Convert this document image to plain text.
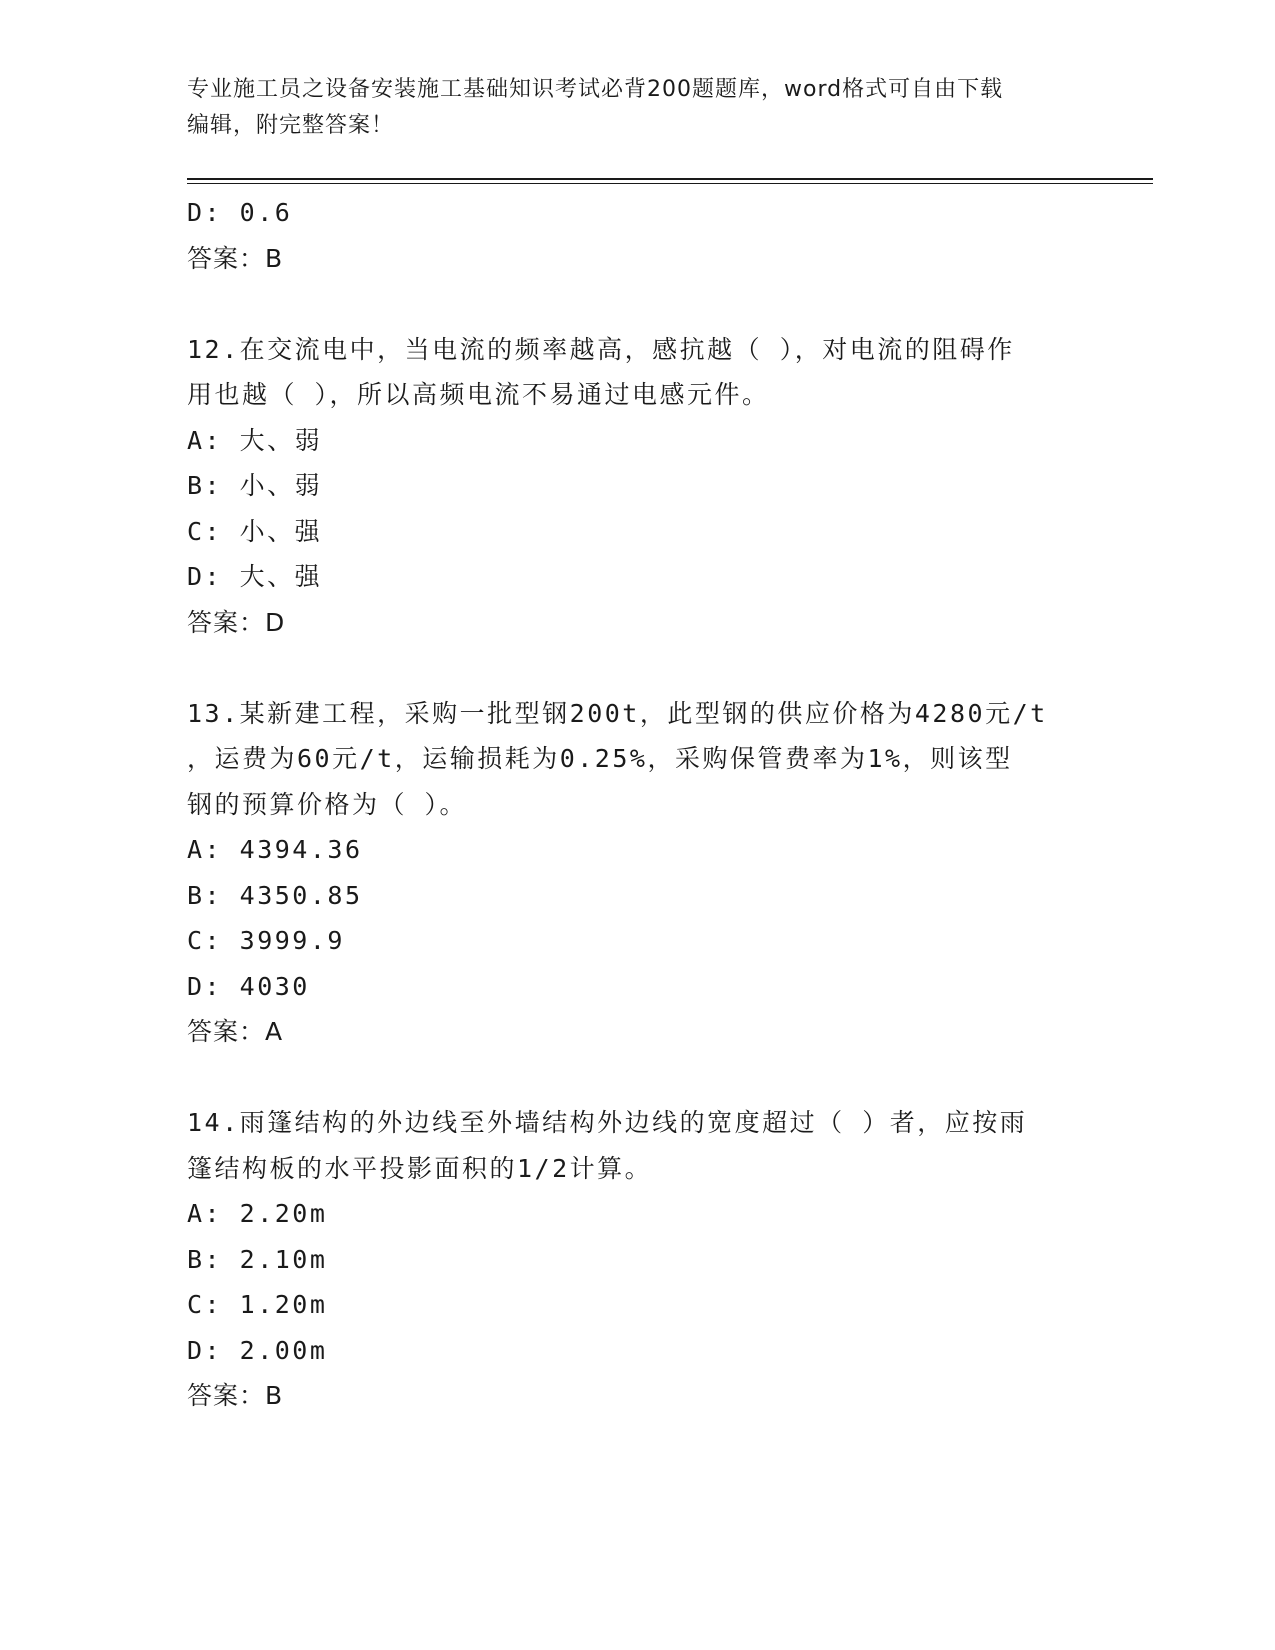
专业施工员之设备安装施工基础知识考试必背200题题库，word格式可自由下载
编辑，附完整答案！
D: 0.6
答案：B
12.在交流电中，当电流的频率越高，感抗越（ ），对电流的阻碍作
用也越（ ），所以高频电流不易通过电感元件。
A: 大、弱
B: 小、弱
C: 小、强
D: 大、强
答案：D
13.某新建工程，采购一批型钢200t，此型钢的供应价格为4280元/t
，运费为60元/t，运输损耗为0.25%，采购保管费率为1%，则该型
钢的预算价格为（ ）。
A: 4394.36
B: 4350.85
C: 3999.9
D: 4030
答案：A
14.雨篷结构的外边线至外墙结构外边线的宽度超过（ ）者，应按雨
篷结构板的水平投影面积的1/2计算。
A: 2.20m
B: 2.10m
C: 1.20m
D: 2.00m
答案：B
